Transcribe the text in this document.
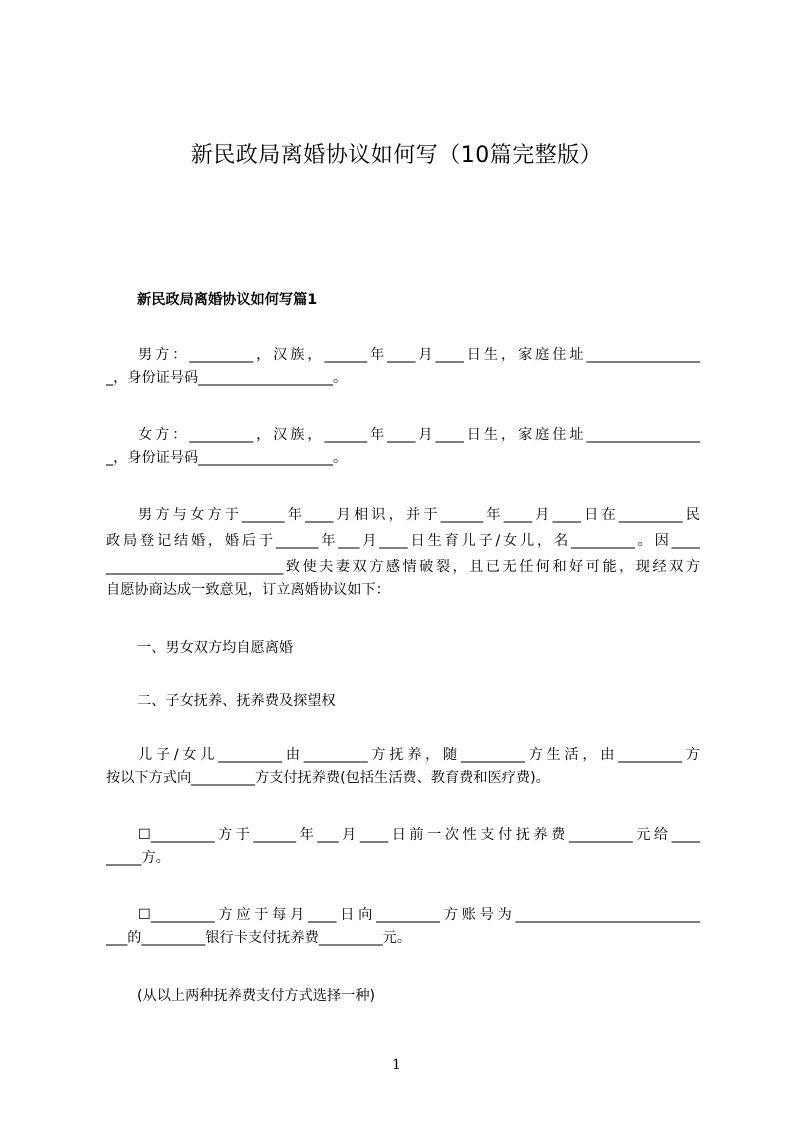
新民政局离婚协议如何写（10篇完整版）
新民政局离婚协议如何写篇1
男方：_________，汉族，______年____月____日生，家庭住址________________
_，身份证号码___________________。
女方：_________，汉族，______年____月____日生，家庭住址________________
_，身份证号码___________________。
男方与女方于______年____月相识，并于______年____月____日在_________民
政局登记结婚，婚后于______年___月____日生育儿子/女儿，名_________。因____
_________________________致使夫妻双方感情破裂，且已无任何和好可能，现经双方
自愿协商达成一致意见，订立离婚协议如下：
一、男女双方均自愿离婚
二、子女抚养、抚养费及探望权
儿子/女儿_________由_________方抚养，随_________方生活，由_________方
按以下方式向_________方支付抚养费(包括生活费、教育费和医疗费)。
☐_________方于______年___月____日前一次性支付抚养费_________元给____
_____方。
☐_________方应于每月____日向_________方账号为__________________________
___的_________银行卡支付抚养费_________元。
(从以上两种抚养费支付方式选择一种)
1
